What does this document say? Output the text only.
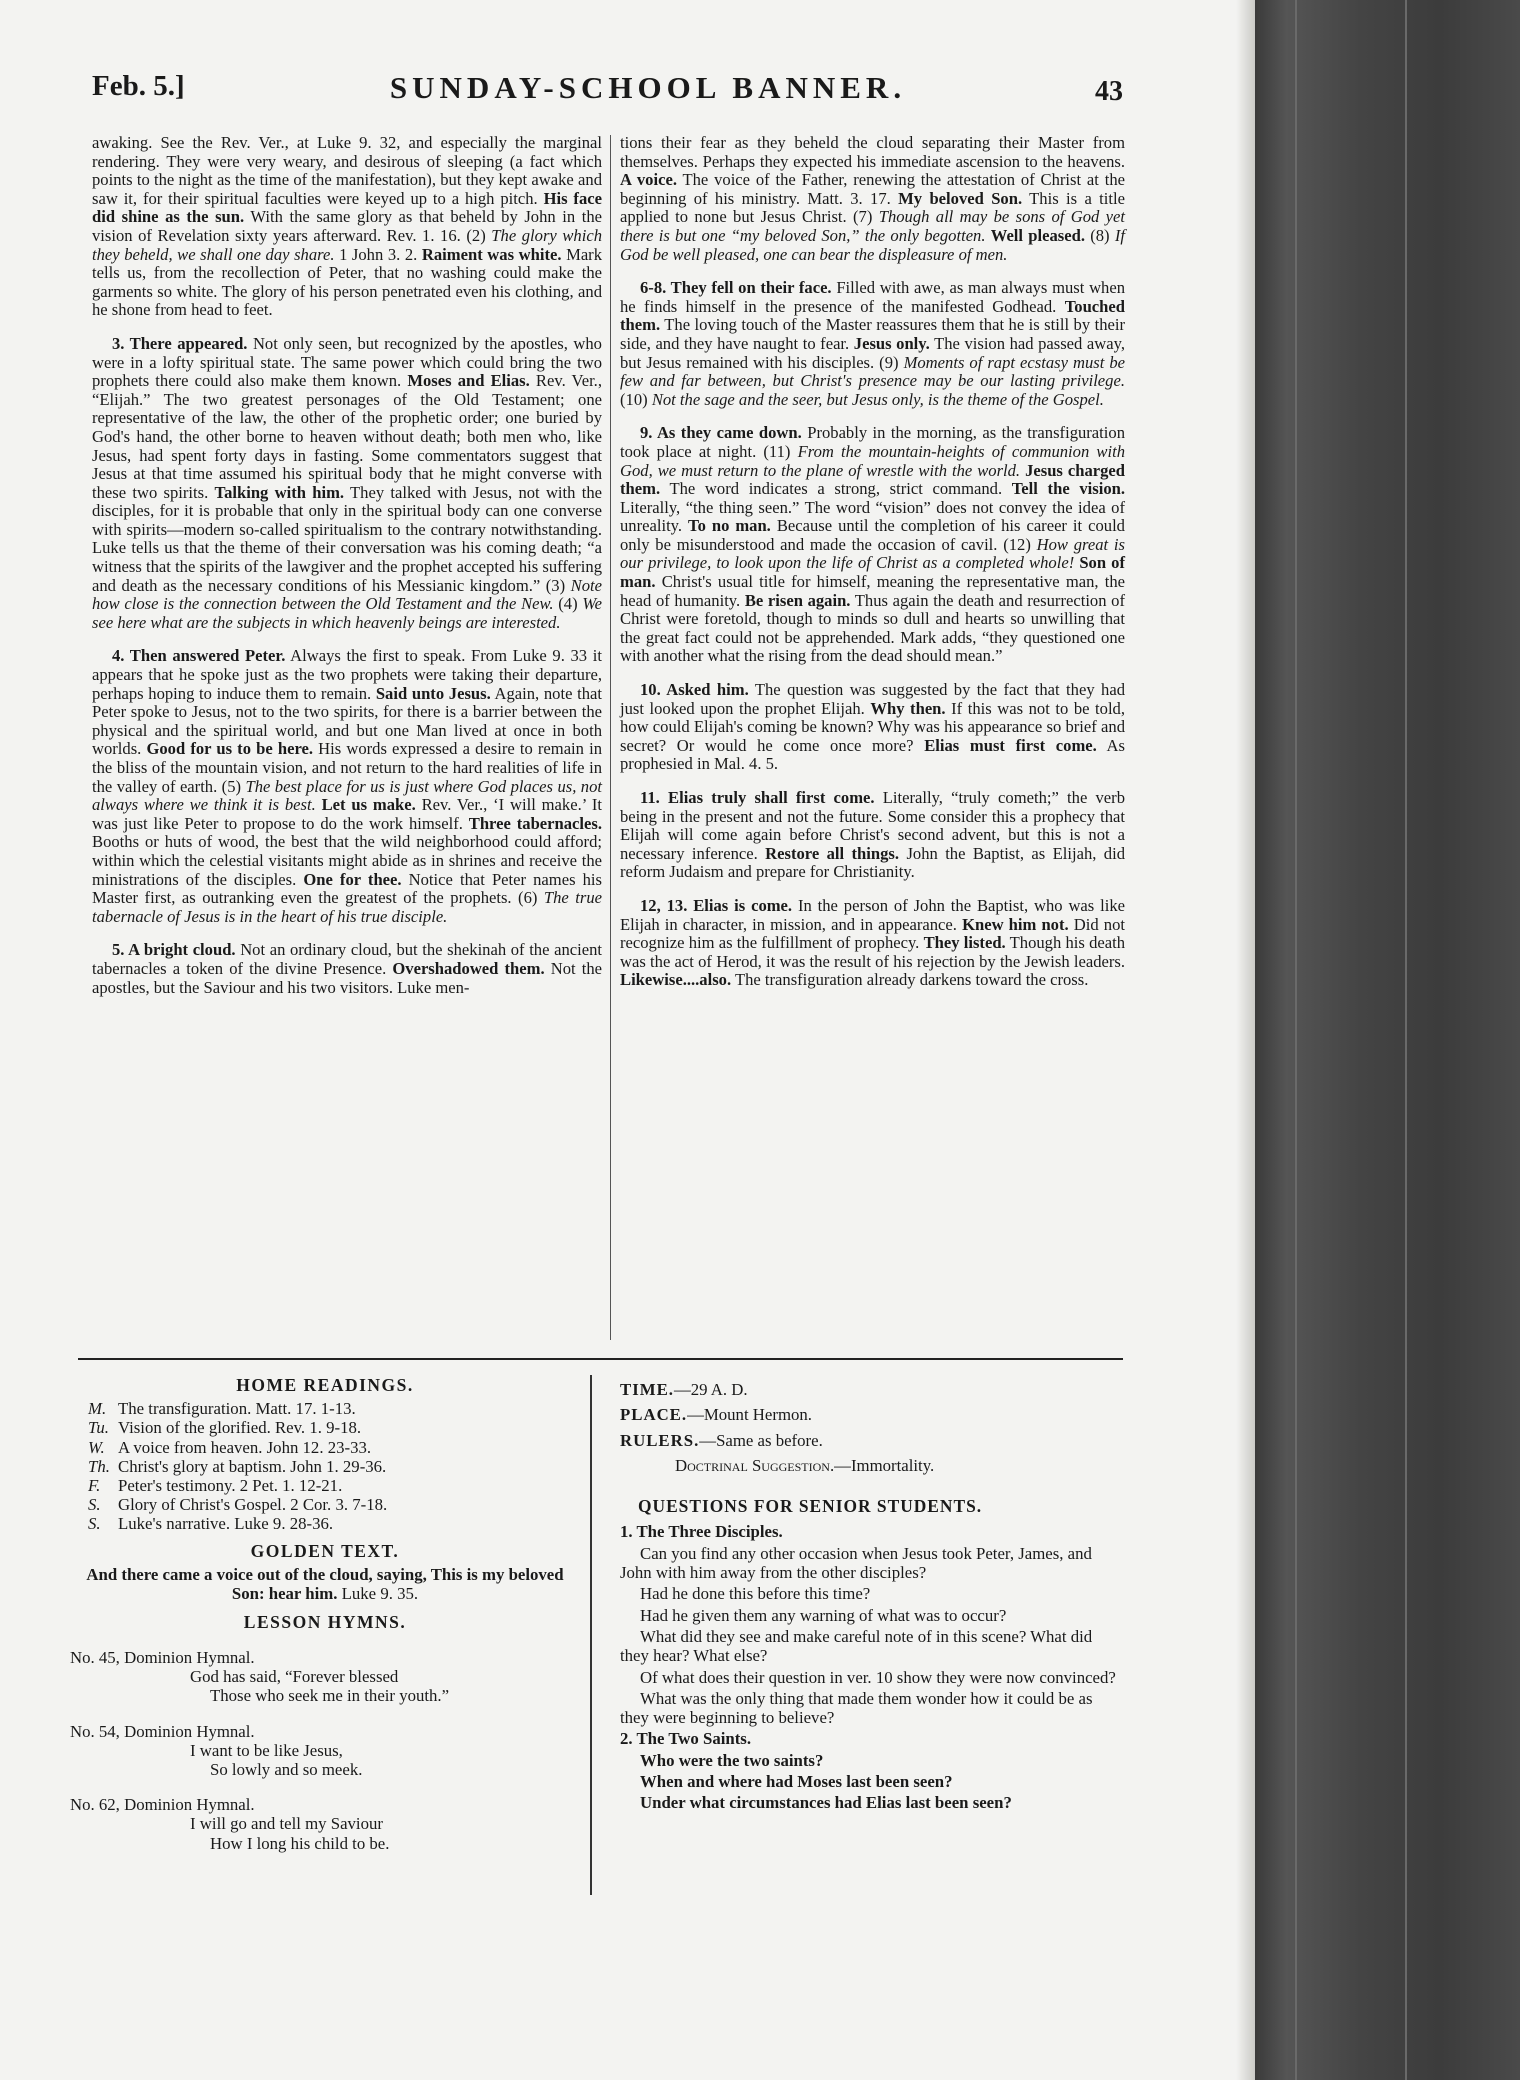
Feb. 5.]	SUNDAY-SCHOOL BANNER.	43

awaking. See the Rev. Ver., at Luke 9. 32, and especially the marginal rendering. They were very weary, and desirous of sleeping (a fact which points to the night as the time of the manifestation), but they kept awake and saw it, for their spiritual faculties were keyed up to a high pitch. His face did shine as the sun. With the same glory as that beheld by John in the vision of Revelation sixty years afterward. Rev. 1. 16. (2) The glory which they beheld, we shall one day share. 1 John 3. 2. Raiment was white. Mark tells us, from the recollection of Peter, that no washing could make the garments so white. The glory of his person penetrated even his clothing, and he shone from head to feet.

3. There appeared. Not only seen, but recognized by the apostles, who were in a lofty spiritual state. The same power which could bring the two prophets there could also make them known. Moses and Elias. Rev. Ver., “Elijah.” The two greatest personages of the Old Testament; one representative of the law, the other of the prophetic order; one buried by God's hand, the other borne to heaven without death; both men who, like Jesus, had spent forty days in fasting. Some commentators suggest that Jesus at that time assumed his spiritual body that he might converse with these two spirits. Talking with him. They talked with Jesus, not with the disciples, for it is probable that only in the spiritual body can one converse with spirits—modern so-called spiritualism to the contrary notwithstanding. Luke tells us that the theme of their conversation was his coming death; “a witness that the spirits of the lawgiver and the prophet accepted his suffering and death as the necessary conditions of his Messianic kingdom.” (3) Note how close is the connection between the Old Testament and the New. (4) We see here what are the subjects in which heavenly beings are interested.

4. Then answered Peter. Always the first to speak. From Luke 9. 33 it appears that he spoke just as the two prophets were taking their departure, perhaps hoping to induce them to remain. Said unto Jesus. Again, note that Peter spoke to Jesus, not to the two spirits, for there is a barrier between the physical and the spiritual world, and but one Man lived at once in both worlds. Good for us to be here. His words expressed a desire to remain in the bliss of the mountain vision, and not return to the hard realities of life in the valley of earth. (5) The best place for us is just where God places us, not always where we think it is best. Let us make. Rev. Ver., ‘I will make.’ It was just like Peter to propose to do the work himself. Three tabernacles. Booths or huts of wood, the best that the wild neighborhood could afford; within which the celestial visitants might abide as in shrines and receive the ministrations of the disciples. One for thee. Notice that Peter names his Master first, as outranking even the greatest of the prophets. (6) The true tabernacle of Jesus is in the heart of his true disciple.

5. A bright cloud. Not an ordinary cloud, but the shekinah of the ancient tabernacles a token of the divine Presence. Overshadowed them. Not the apostles, but the Saviour and his two visitors. Luke men-

tions their fear as they beheld the cloud separating their Master from themselves. Perhaps they expected his immediate ascension to the heavens. A voice. The voice of the Father, renewing the attestation of Christ at the beginning of his ministry. Matt. 3. 17. My beloved Son. This is a title applied to none but Jesus Christ. (7) Though all may be sons of God yet there is but one “my beloved Son,” the only begotten. Well pleased. (8) If God be well pleased, one can bear the displeasure of men.

6-8. They fell on their face. Filled with awe, as man always must when he finds himself in the presence of the manifested Godhead. Touched them. The loving touch of the Master reassures them that he is still by their side, and they have naught to fear. Jesus only. The vision had passed away, but Jesus remained with his disciples. (9) Moments of rapt ecstasy must be few and far between, but Christ's presence may be our lasting privilege. (10) Not the sage and the seer, but Jesus only, is the theme of the Gospel.

9. As they came down. Probably in the morning, as the transfiguration took place at night. (11) From the mountain-heights of communion with God, we must return to the plane of wrestle with the world. Jesus charged them. The word indicates a strong, strict command. Tell the vision. Literally, “the thing seen.” The word “vision” does not convey the idea of unreality. To no man. Because until the completion of his career it could only be misunderstood and made the occasion of cavil. (12) How great is our privilege, to look upon the life of Christ as a completed whole! Son of man. Christ's usual title for himself, meaning the representative man, the head of humanity. Be risen again. Thus again the death and resurrection of Christ were foretold, though to minds so dull and hearts so unwilling that the great fact could not be apprehended. Mark adds, “they questioned one with another what the rising from the dead should mean.”

10. Asked him. The question was suggested by the fact that they had just looked upon the prophet Elijah. Why then. If this was not to be told, how could Elijah's coming be known? Why was his appearance so brief and secret? Or would he come once more? Elias must first come. As prophesied in Mal. 4. 5.

11. Elias truly shall first come. Literally, “truly cometh;” the verb being in the present and not the future. Some consider this a prophecy that Elijah will come again before Christ's second advent, but this is not a necessary inference. Restore all things. John the Baptist, as Elijah, did reform Judaism and prepare for Christianity.

12, 13. Elias is come. In the person of John the Baptist, who was like Elijah in character, in mission, and in appearance. Knew him not. Did not recognize him as the fulfillment of prophecy. They listed. Though his death was the act of Herod, it was the result of his rejection by the Jewish leaders. Likewise....also. The transfiguration already darkens toward the cross.

HOME READINGS.
M. The transfiguration. Matt. 17. 1-13.
Tu. Vision of the glorified. Rev. 1. 9-18.
W. A voice from heaven. John 12. 23-33.
Th. Christ's glory at baptism. John 1. 29-36.
F. Peter's testimony. 2 Pet. 1. 12-21.
S. Glory of Christ's Gospel. 2 Cor. 3. 7-18.
S. Luke's narrative. Luke 9. 28-36.
GOLDEN TEXT.
And there came a voice out of the cloud, saying, This is my beloved Son: hear him. Luke 9. 35.
LESSON HYMNS.
No. 45, Dominion Hymnal.
God has said, “Forever blessed
Those who seek me in their youth.”
No. 54, Dominion Hymnal.
I want to be like Jesus,
So lowly and so meek.
No. 62, Dominion Hymnal.
I will go and tell my Saviour
How I long his child to be.
TIME.—29 A. D.
PLACE.—Mount Hermon.
RULERS.—Same as before.
Doctrinal Suggestion.—Immortality.
QUESTIONS FOR SENIOR STUDENTS.
1. The Three Disciples.
Can you find any other occasion when Jesus took Peter, James, and John with him away from the other disciples?
Had he done this before this time?
Had he given them any warning of what was to occur?
What did they see and make careful note of in this scene? What did they hear? What else?
Of what does their question in ver. 10 show they were now convinced?
What was the only thing that made them wonder how it could be as they were beginning to believe?
2. The Two Saints.
Who were the two saints?
When and where had Moses last been seen?
Under what circumstances had Elias last been seen?
